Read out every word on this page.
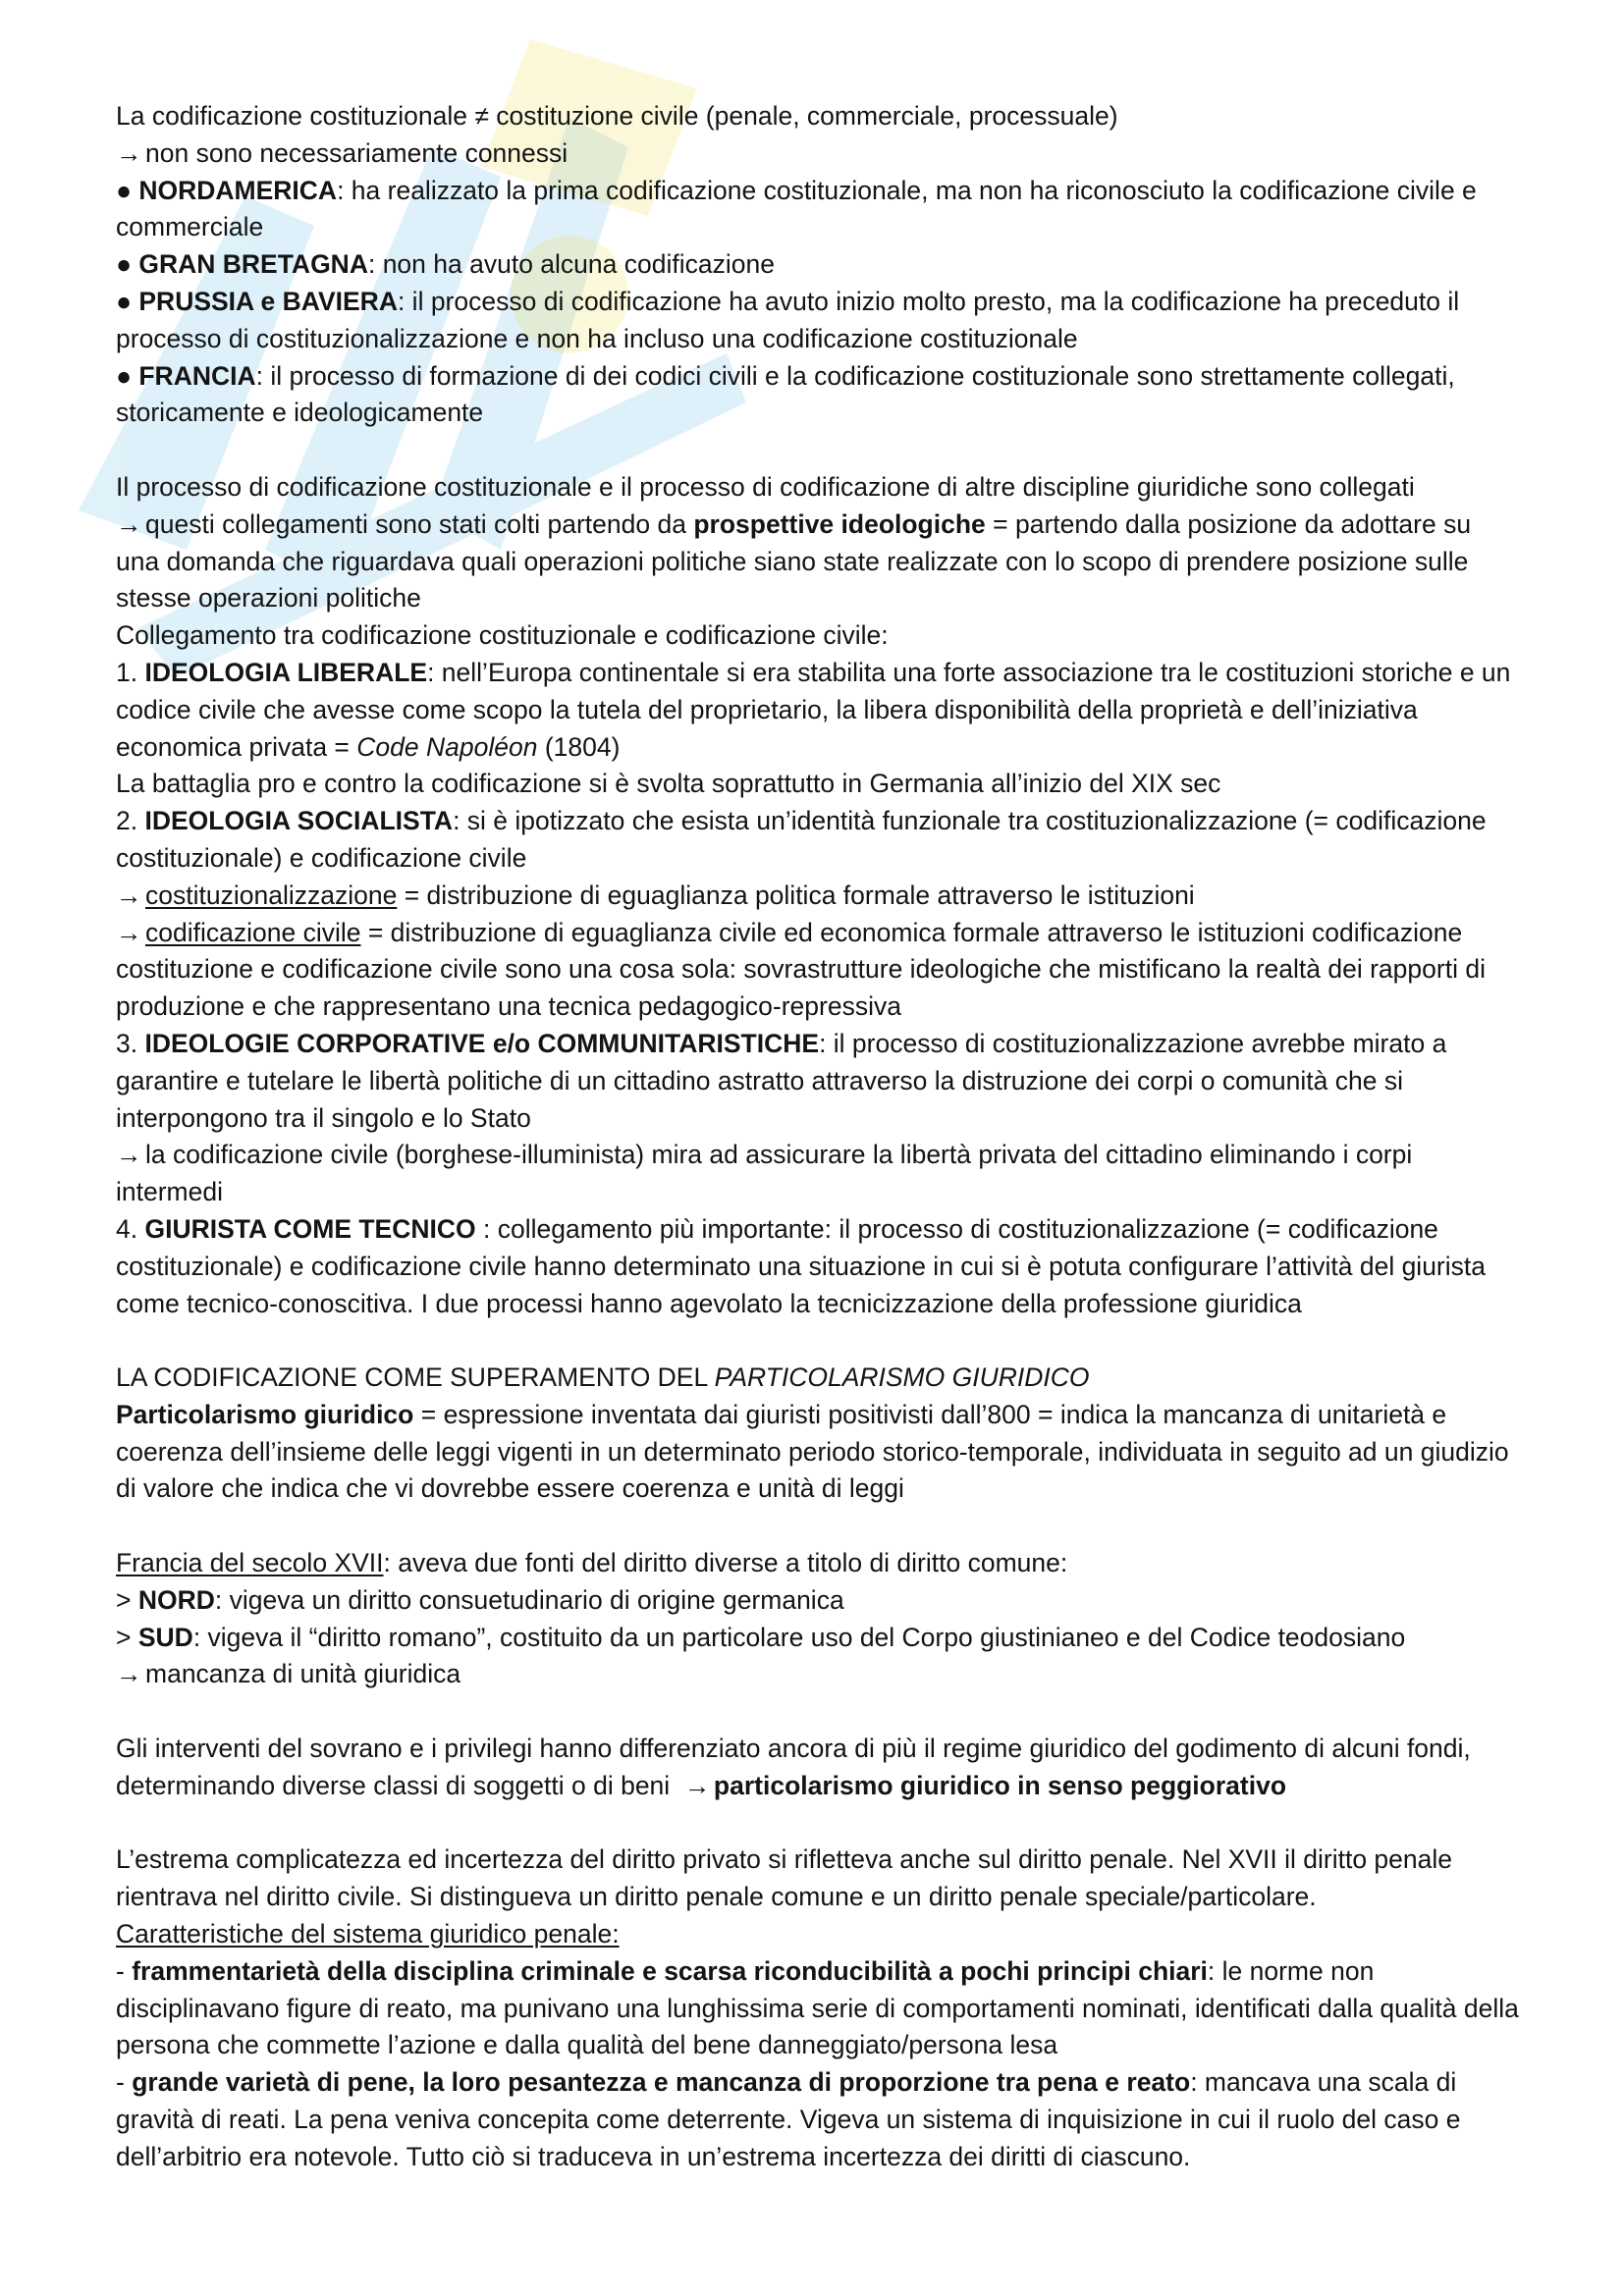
La codificazione costituzionale ≠ costituzione civile (penale, commerciale, processuale)

→ non sono necessariamente connessi

● NORDAMERICA: ha realizzato la prima codificazione costituzionale, ma non ha riconosciuto la codificazione civile e commerciale

● GRAN BRETAGNA: non ha avuto alcuna codificazione

● PRUSSIA e BAVIERA: il processo di codificazione ha avuto inizio molto presto, ma la codificazione ha preceduto il processo di costituzionalizzazione e non ha incluso una codificazione costituzionale

● FRANCIA: il processo di formazione di dei codici civili e la codificazione costituzionale sono strettamente collegati, storicamente e ideologicamente

Il processo di codificazione costituzionale e il processo di codificazione di altre discipline giuridiche sono collegati

→ questi collegamenti sono stati colti partendo da prospettive ideologiche = partendo dalla posizione da adottare su una domanda che riguardava quali operazioni politiche siano state realizzate con lo scopo di prendere posizione sulle stesse operazioni politiche

Collegamento tra codificazione costituzionale e codificazione civile:

1. IDEOLOGIA LIBERALE: nell’Europa continentale si era stabilita una forte associazione tra le costituzioni storiche e un codice civile che avesse come scopo la tutela del proprietario, la libera disponibilità della proprietà e dell’iniziativa economica privata = Code Napoléon (1804)

La battaglia pro e contro la codificazione si è svolta soprattutto in Germania all’inizio del XIX sec

2. IDEOLOGIA SOCIALISTA: si è ipotizzato che esista un’identità funzionale tra costituzionalizzazione (= codificazione costituzionale) e codificazione civile

→ costituzionalizzazione = distribuzione di eguaglianza politica formale attraverso le istituzioni

→ codificazione civile = distribuzione di eguaglianza civile ed economica formale attraverso le istituzioni codificazione costituzione e codificazione civile sono una cosa sola: sovrastrutture ideologiche che mistificano la realtà dei rapporti di produzione e che rappresentano una tecnica pedagogico-repressiva

3. IDEOLOGIE CORPORATIVE e/o COMMUNITARISTICHE: il processo di costituzionalizzazione avrebbe mirato a garantire e tutelare le libertà politiche di un cittadino astratto attraverso la distruzione dei corpi o comunità che si interpongono tra il singolo e lo Stato

→ la codificazione civile (borghese-illuminista) mira ad assicurare la libertà privata del cittadino eliminando i corpi intermedi

4. GIURISTA COME TECNICO : collegamento più importante: il processo di costituzionalizzazione (= codificazione costituzionale) e codificazione civile hanno determinato una situazione in cui si è potuta configurare l’attività del giurista come tecnico-conoscitiva. I due processi hanno agevolato la tecnicizzazione della professione giuridica

LA CODIFICAZIONE COME SUPERAMENTO DEL PARTICOLARISMO GIURIDICO

Particolarismo giuridico = espressione inventata dai giuristi positivisti dall’800 = indica la mancanza di unitarietà e coerenza dell’insieme delle leggi vigenti in un determinato periodo storico-temporale, individuata in seguito ad un giudizio di valore che indica che vi dovrebbe essere coerenza e unità di leggi

Francia del secolo XVII: aveva due fonti del diritto diverse a titolo di diritto comune:

> NORD: vigeva un diritto consuetudinario di origine germanica

> SUD: vigeva il “diritto romano”, costituito da un particolare uso del Corpo giustinianeo e del Codice teodosiano

→ mancanza di unità giuridica

Gli interventi del sovrano e i privilegi hanno differenziato ancora di più il regime giuridico del godimento di alcuni fondi, determinando diverse classi di soggetti o di beni → particolarismo giuridico in senso peggiorativo

L’estrema complicatezza ed incertezza del diritto privato si rifletteva anche sul diritto penale. Nel XVII il diritto penale rientrava nel diritto civile. Si distingueva un diritto penale comune e un diritto penale speciale/particolare.

Caratteristiche del sistema giuridico penale:

- frammentarietà della disciplina criminale e scarsa riconducibilità a pochi principi chiari: le norme non disciplinavano figure di reato, ma punivano una lunghissima serie di comportamenti nominati, identificati dalla qualità della persona che commette l’azione e dalla qualità del bene danneggiato/persona lesa

- grande varietà di pene, la loro pesantezza e mancanza di proporzione tra pena e reato: mancava una scala di gravità di reati. La pena veniva concepita come deterrente. Vigeva un sistema di inquisizione in cui il ruolo del caso e dell’arbitrio era notevole. Tutto ciò si traduceva in un’estrema incertezza dei diritti di ciascuno.
